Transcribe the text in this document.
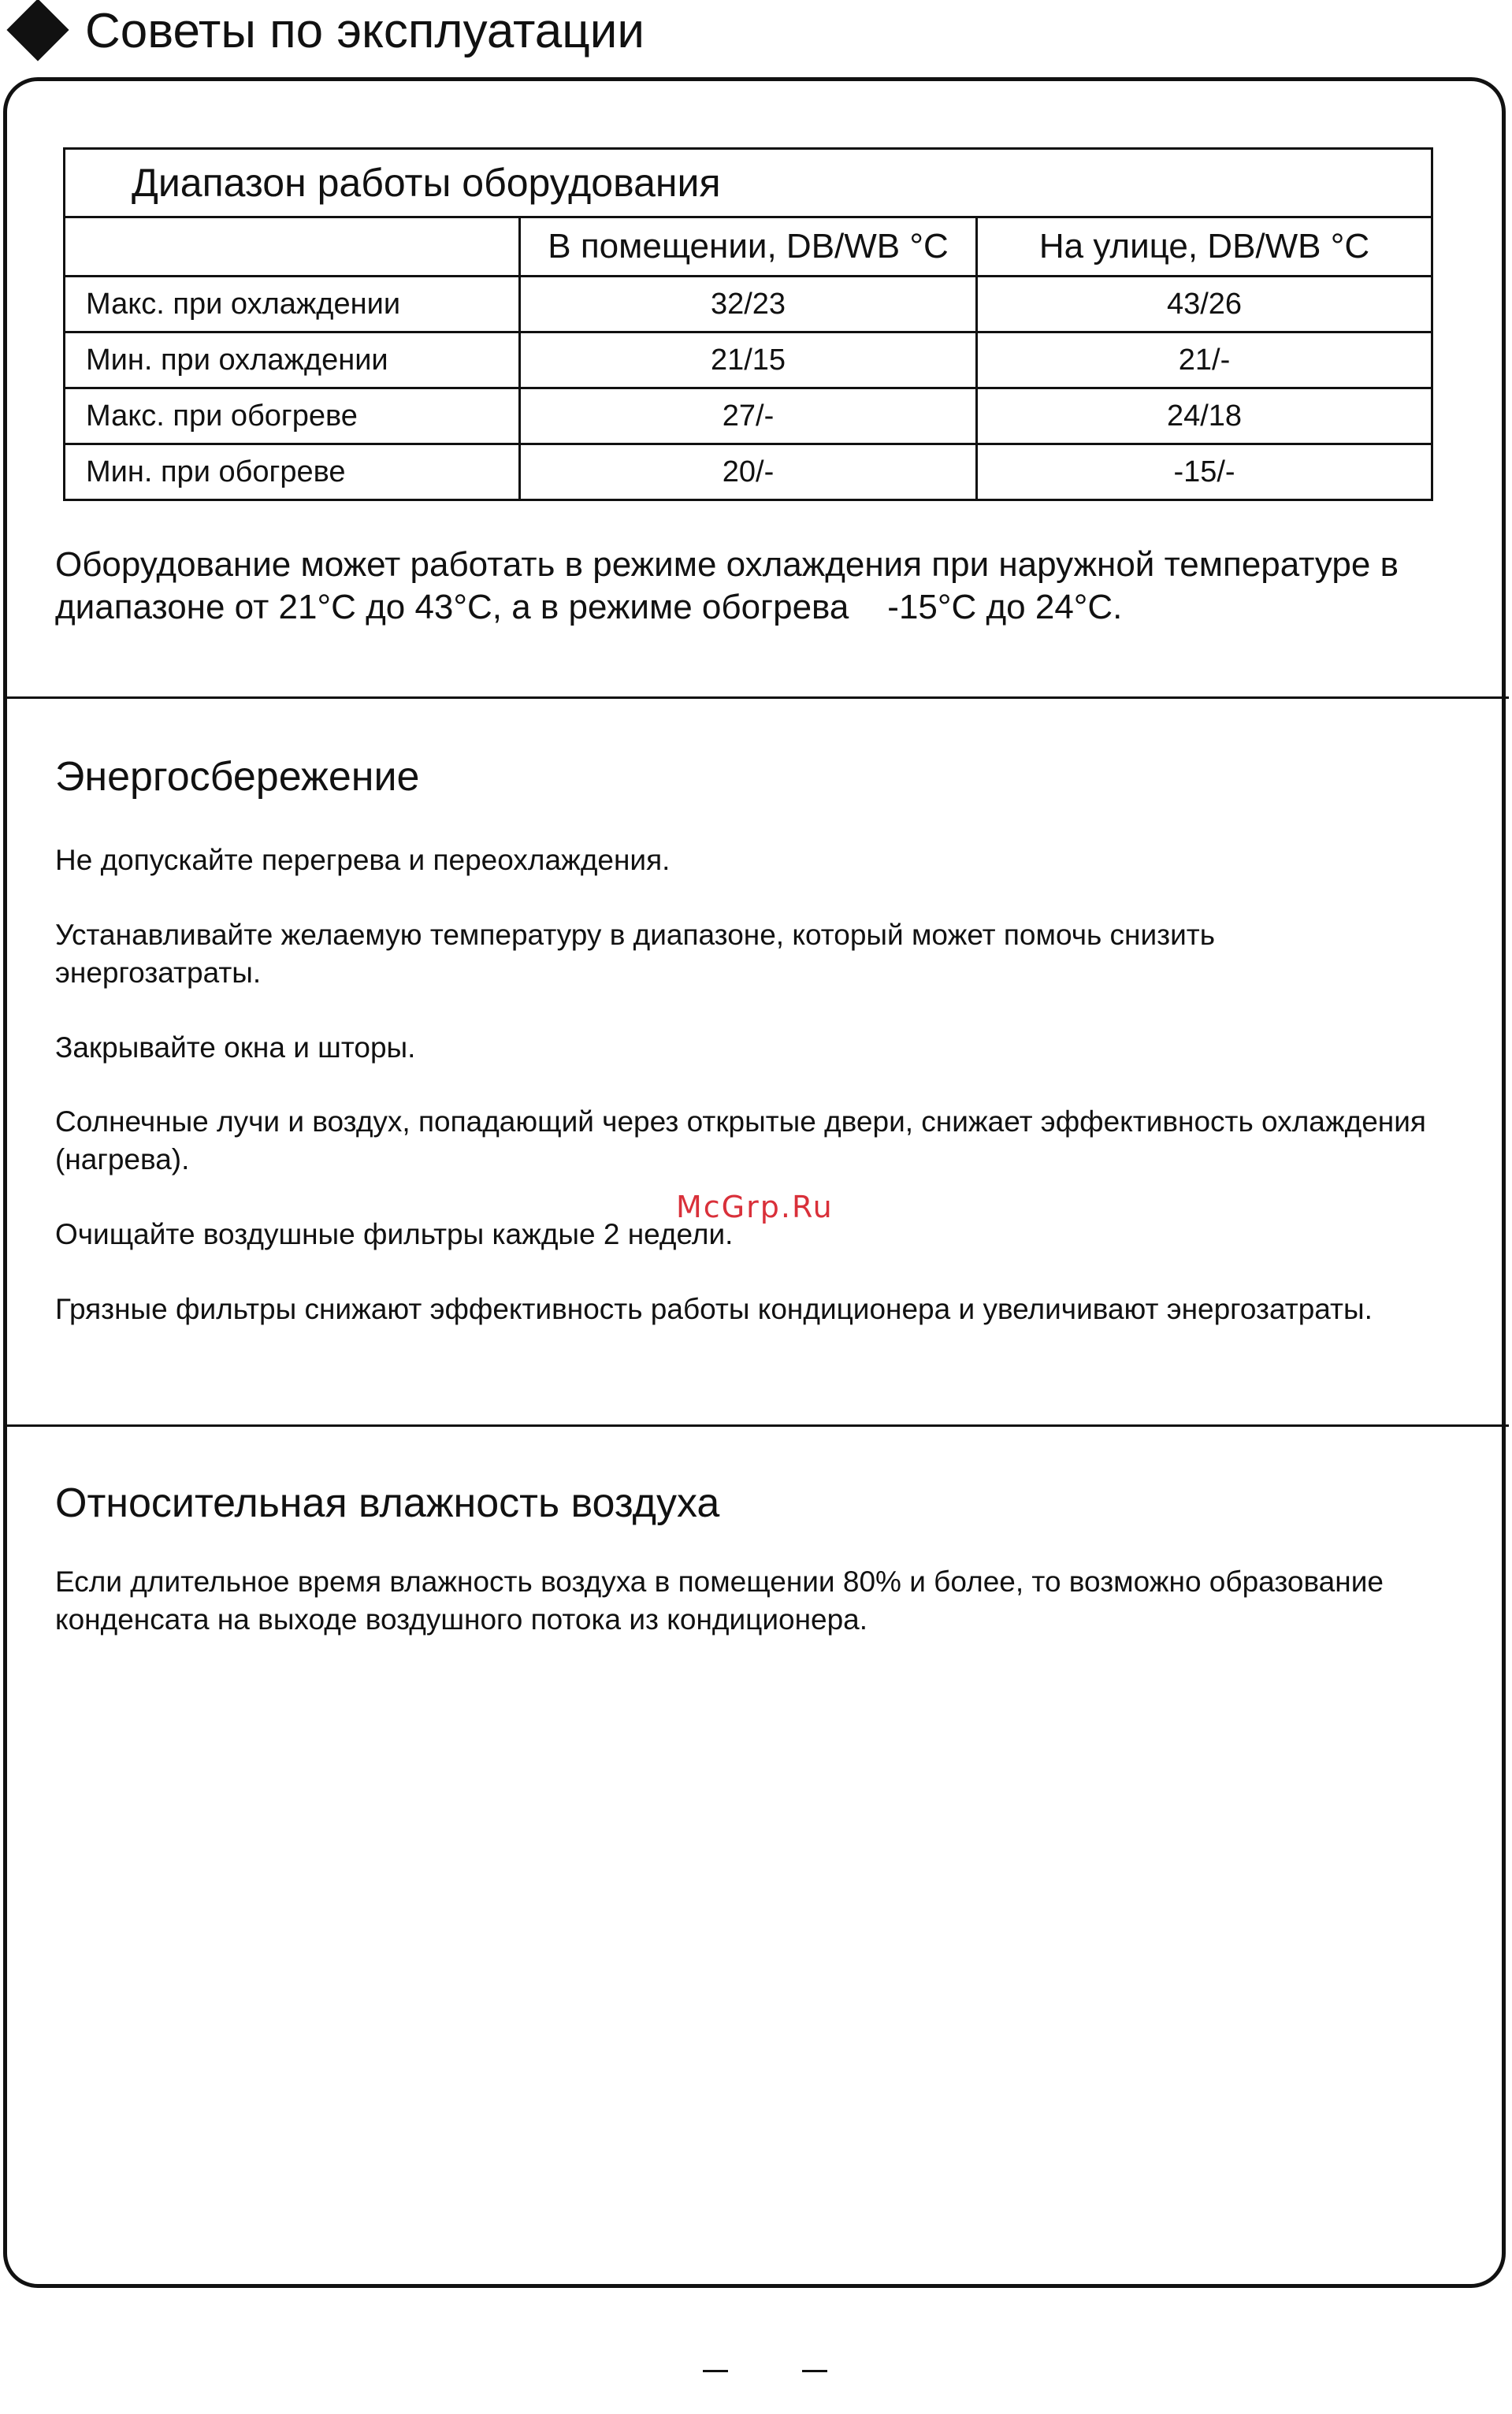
Советы по эксплуатации
Диапазон работы оборудования		
	В помещении, DB/WB °C	На улице, DB/WB °C
Макс. при охлаждении	32/23	43/26
Мин. при охлаждении	21/15	21/-
Макс. при обогреве	27/-	24/18
Мин. при обогреве	20/-	-15/-
Оборудование может работать в режиме охлаждения при наружной температуре в
диапазоне от 21°C до 43°C, а в режиме обогрева    -15°C до 24°C.
Энергосбережение
Не допускайте перегрева и переохлаждения.
Устанавливайте желаемую температуру в диапазоне, который может помочь снизить энергозатраты.
Закрывайте окна и шторы.
Солнечные лучи и воздух, попадающий через открытые двери, снижает эффективность охлаждения (нагрева).
Очищайте воздушные фильтры каждые 2 недели.
Грязные фильтры снижают эффективность работы кондиционера и увеличивают энергозатраты.
McGrp.Ru
Относительная влажность воздуха
Если длительное время влажность воздуха в помещении 80% и более, то возможно образование конденсата на выходе воздушного потока из кондиционера.
